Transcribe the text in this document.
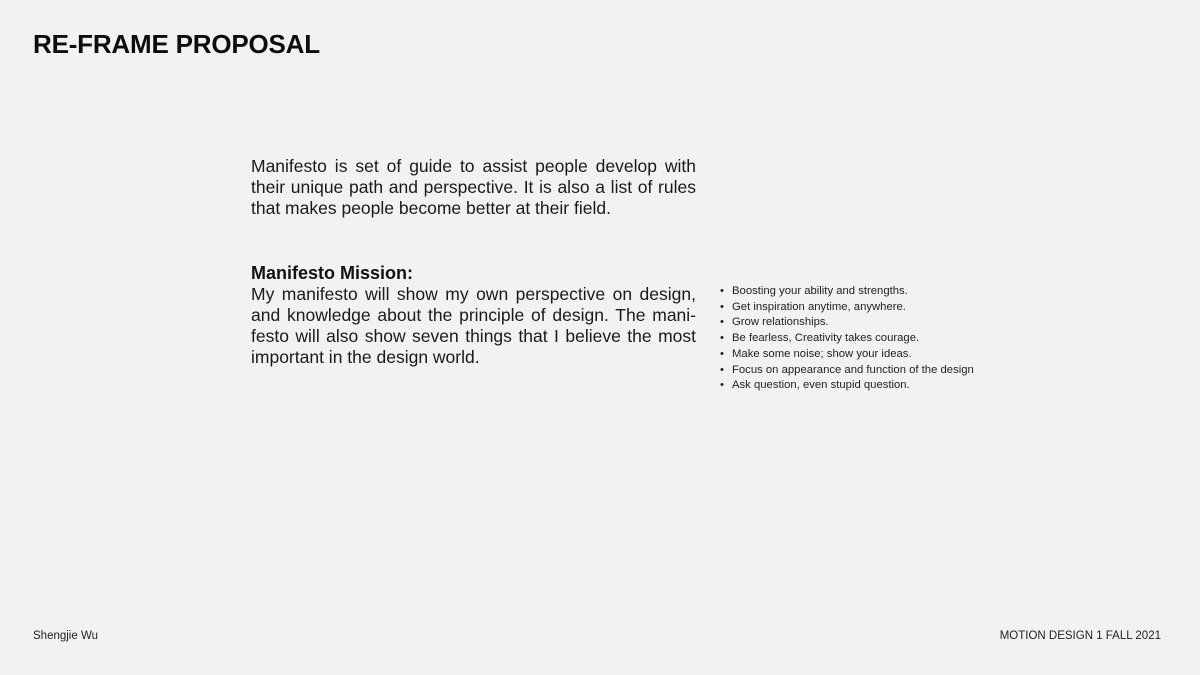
RE-FRAME PROPOSAL

Manifesto is set of guide to assist people develop with their unique path and perspective. It is also a list of rules that makes people become better at their field.

Manifesto Mission:

My manifesto will show my own perspective on design, and knowledge about the principle of design. The mani-festo will also show seven things that I believe the most important in the design world.

• Boosting your ability and strengths.
• Get inspiration anytime, anywhere.
• Grow relationships.
• Be fearless, Creativity takes courage.
• Make some noise; show your ideas.
• Focus on appearance and function of the design
• Ask question, even stupid question.
Shengjie Wu	MOTION DESIGN 1 FALL 2021
